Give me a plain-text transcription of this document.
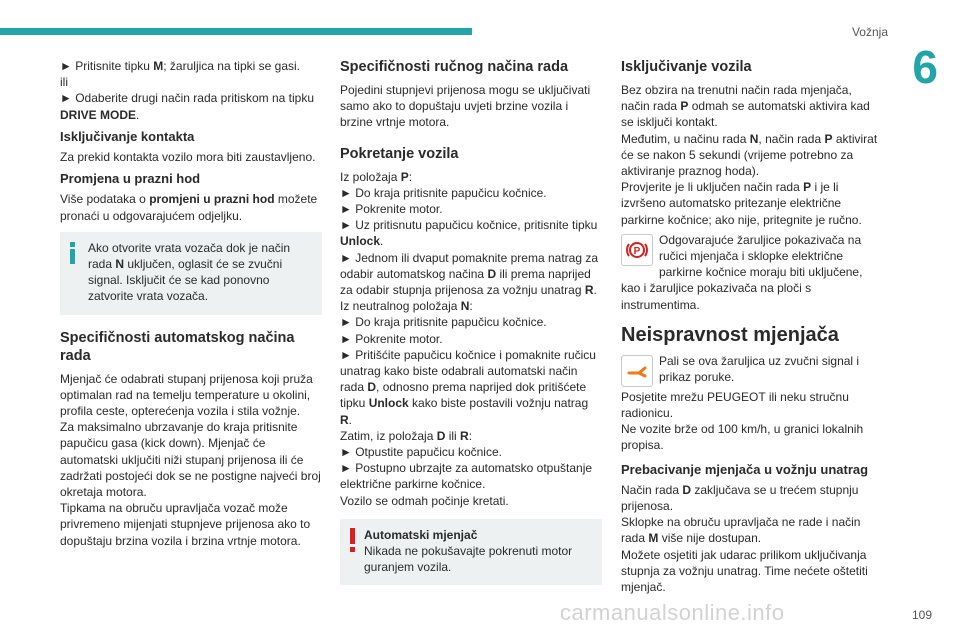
Vožnja
6

► Pritisnite tipku M; žaruljica na tipki se gasi.

ili

► Odaberite drugi način rada pritiskom na tipku DRIVE MODE.

Isključivanje kontakta

Za prekid kontakta vozilo mora biti zaustavljeno.

Promjena u prazni hod

Više podataka o promjeni u prazni hod možete pronaći u odgovarajućem odjeljku.

Ako otvorite vrata vozača dok je način rada N uključen, oglasit će se zvučni signal. Isključit će se kad ponovno zatvorite vrata vozača.

Specifičnosti automatskog načina rada

Mjenjač će odabrati stupanj prijenosa koji pruža optimalan rad na temelju temperature u okolini, profila ceste, opterećenja vozila i stila vožnje.
Za maksimalno ubrzavanje do kraja pritisnite papučicu gasa (kick down). Mjenjač će automatski uključiti niži stupanj prijenosa ili će zadržati postojeći dok se ne postigne najveći broj okretaja motora.
Tipkama na obruču upravljača vozač može privremeno mijenjati stupnjeve prijenosa ako to dopuštaju brzina vozila i brzina vrtnje motora.

Specifičnosti ručnog načina rada

Pojedini stupnjevi prijenosa mogu se uključivati samo ako to dopuštaju uvjeti brzine vozila i brzine vrtnje motora.

Pokretanje vozila

Iz položaja P:

► Do kraja pritisnite papučicu kočnice.

► Pokrenite motor.

► Uz pritisnutu papučicu kočnice, pritisnite tipku Unlock.

► Jednom ili dvaput pomaknite prema natrag za odabir automatskog načina D ili prema naprijed za odabir stupnja prijenosa za vožnju unatrag R.

Iz neutralnog položaja N:

► Do kraja pritisnite papučicu kočnice.

► Pokrenite motor.

► Pritišćite papučicu kočnice i pomaknite ručicu unatrag kako biste odabrali automatski način rada D, odnosno prema naprijed dok pritišćete tipku Unlock kako biste postavili vožnju natrag R.

Zatim, iz položaja D ili R:

► Otpustite papučicu kočnice.

► Postupno ubrzajte za automatsko otpuštanje električne parkirne kočnice.

Vozilo se odmah počinje kretati.

Automatski mjenjač

Nikada ne pokušavajte pokrenuti motor guranjem vozila.

Isključivanje vozila

Bez obzira na trenutni način rada mjenjača, način rada P odmah se automatski aktivira kad se isključi kontakt.

Međutim, u načinu rada N, način rada P aktivirat će se nakon 5 sekundi (vrijeme potrebno za aktiviranje praznog hoda).

Provjerite je li uključen način rada P i je li izvršeno automatsko pritezanje električne parkirne kočnice; ako nije, pritegnite je ručno.

P

Odgovarajuće žaruljice pokazivača na ručici mjenjača i sklopke električne parkirne kočnice moraju biti uključene, kao i žaruljice pokazivača na ploči s instrumentima.

Neispravnost mjenjača

Pali se ova žaruljica uz zvučni signal i prikaz poruke.

Posjetite mrežu PEUGEOT ili neku stručnu radionicu.
Ne vozite brže od 100 km/h, u granici lokalnih propisa.

Prebacivanje mjenjača u vožnju unatrag

Način rada D zaključava se u trećem stupnju prijenosa.

Sklopke na obruču upravljača ne rade i način rada M više nije dostupan.

Možete osjetiti jak udarac prilikom uključivanja stupnja za vožnju unatrag. Time nećete oštetiti mjenjač.

carmanualsonline.info	109
